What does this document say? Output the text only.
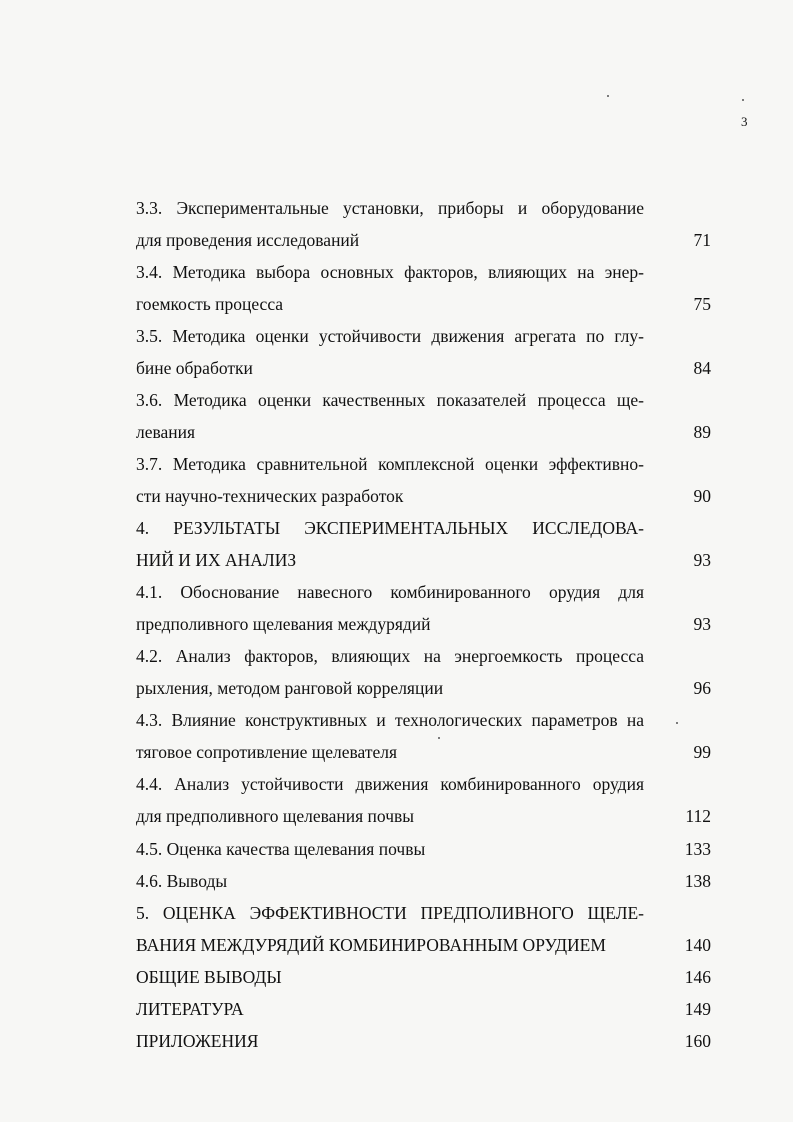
3
3.3. Экспериментальные установки, приборы и оборудование
для проведения исследований	71
3.4. Методика выбора основных факторов, влияющих на энер-
гоемкость процесса	75
3.5. Методика оценки устойчивости движения агрегата по глу-
бине обработки	84
3.6. Методика оценки качественных показателей процесса ще-
левания	89
3.7. Методика сравнительной комплексной оценки эффективно-
сти научно-технических разработок	90
4. РЕЗУЛЬТАТЫ ЭКСПЕРИМЕНТАЛЬНЫХ ИССЛЕДОВА-
НИЙ И ИХ АНАЛИЗ	93
4.1. Обоснование навесного комбинированного орудия для
предполивного щелевания междурядий	93
4.2. Анализ факторов, влияющих на энергоемкость процесса
рыхления, методом ранговой корреляции	96
4.3. Влияние конструктивных и технологических параметров на
тяговое сопротивление щелевателя	99
4.4. Анализ устойчивости движения комбинированного орудия
для предполивного щелевания почвы	112
4.5. Оценка качества щелевания почвы	133
4.6. Выводы	138
5. ОЦЕНКА ЭФФЕКТИВНОСТИ ПРЕДПОЛИВНОГО ЩЕЛЕ-
ВАНИЯ МЕЖДУРЯДИЙ КОМБИНИРОВАННЫМ ОРУДИЕМ	140
ОБЩИЕ ВЫВОДЫ	146
ЛИТЕРАТУРА	149
ПРИЛОЖЕНИЯ	160
